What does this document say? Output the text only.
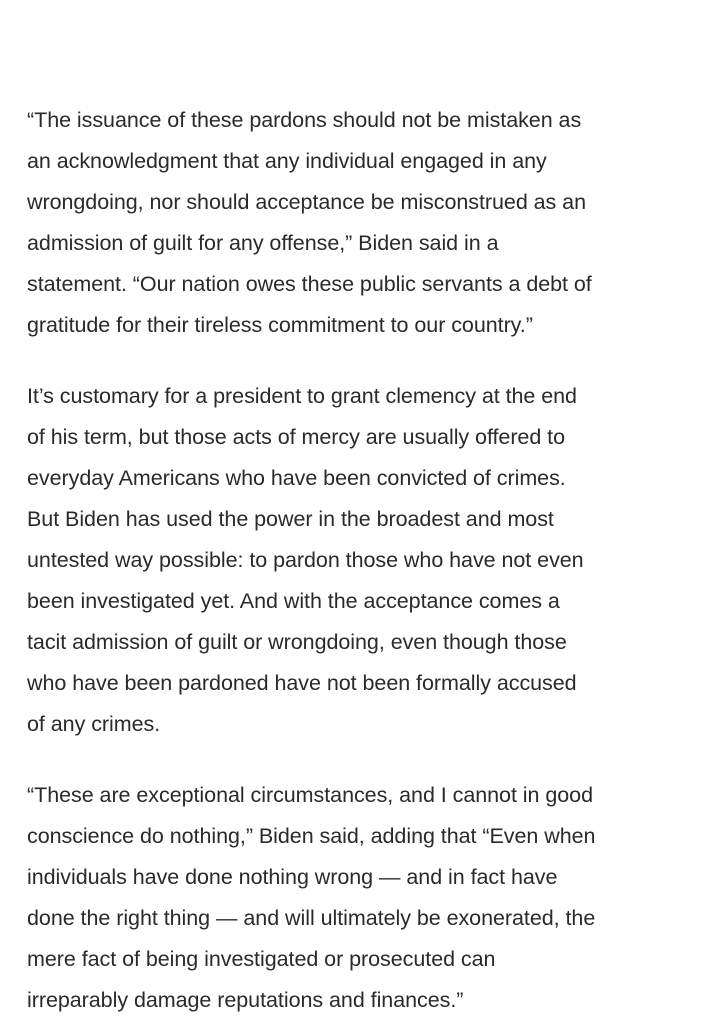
“The issuance of these pardons should not be mistaken as
an acknowledgment that any individual engaged in any
wrongdoing, nor should acceptance be misconstrued as an
admission of guilt for any offense,” Biden said in a
statement. “Our nation owes these public servants a debt of
gratitude for their tireless commitment to our country.”
It’s customary for a president to grant clemency at the end
of his term, but those acts of mercy are usually offered to
everyday Americans who have been convicted of crimes.
But Biden has used the power in the broadest and most
untested way possible: to pardon those who have not even
been investigated yet. And with the acceptance comes a
tacit admission of guilt or wrongdoing, even though those
who have been pardoned have not been formally accused
of any crimes.
“These are exceptional circumstances, and I cannot in good
conscience do nothing,” Biden said, adding that “Even when
individuals have done nothing wrong — and in fact have
done the right thing — and will ultimately be exonerated, the
mere fact of being investigated or prosecuted can
irreparably damage reputations and finances.”
